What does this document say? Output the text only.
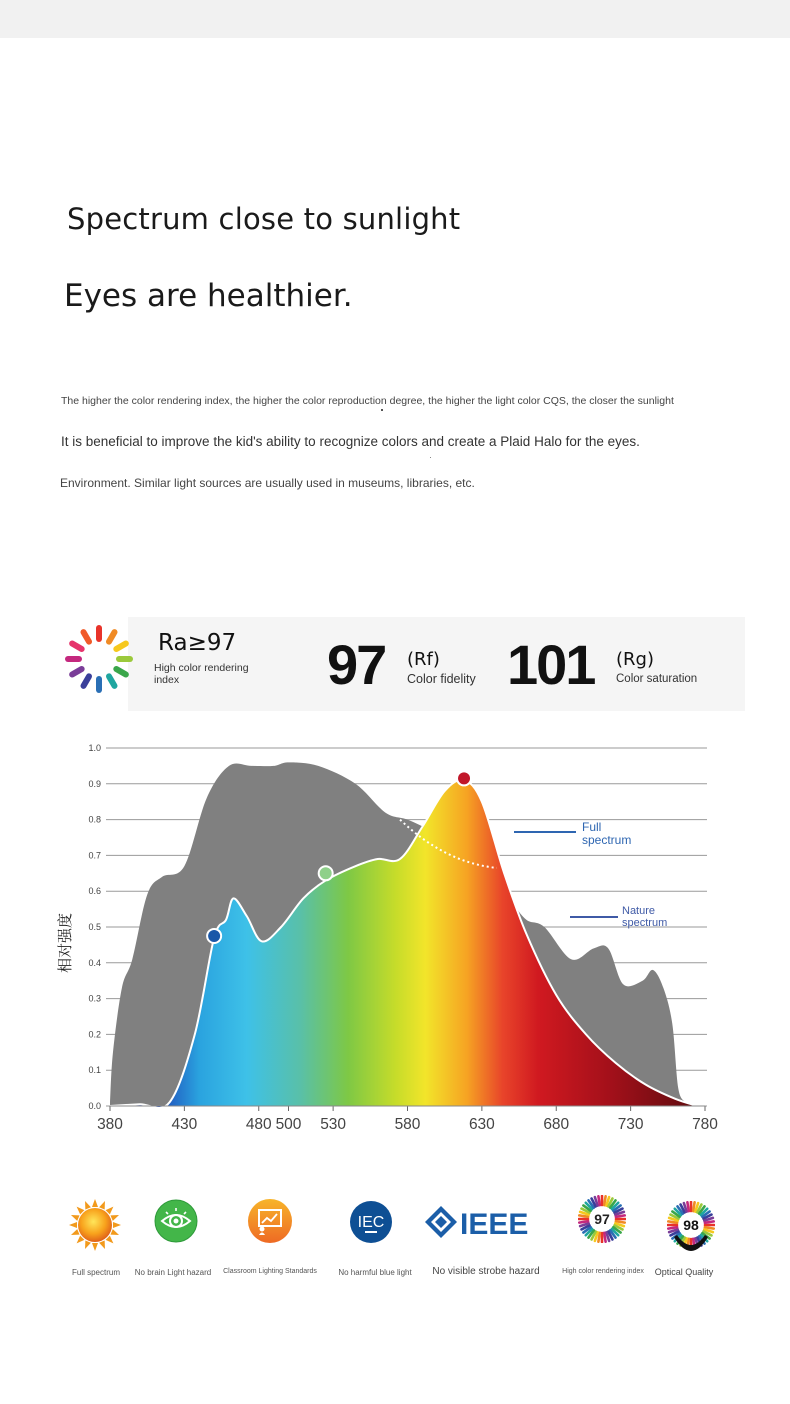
Spectrum close to sunlight
Eyes are healthier.
The higher the color rendering index, the higher the color reproduction degree, the higher the light color CQS, the closer the sunlight
It is beneficial to improve the kid's ability to recognize colors and create a Plaid Halo for the eyes.
Environment. Similar light sources are usually used in museums, libraries, etc.
Ra≥97
High color rendering index	97 (Rf)
Color fidelity 101 (Rg)
Color saturation
0.0
0.1
0.2
0.3
0.4
0.5
0.6
0.7
0.8
0.9
1.0
380	430	480 500 530	580	630	680	730	780
相对强度
Full spectrum
Nature spectrum
Full spectrum	No brain Light hazard Classroom Lighting Standards
IEC
No harmful blue light
IEEE
No visible strobe hazard
97
High color rendering index
98
Optical Quality
